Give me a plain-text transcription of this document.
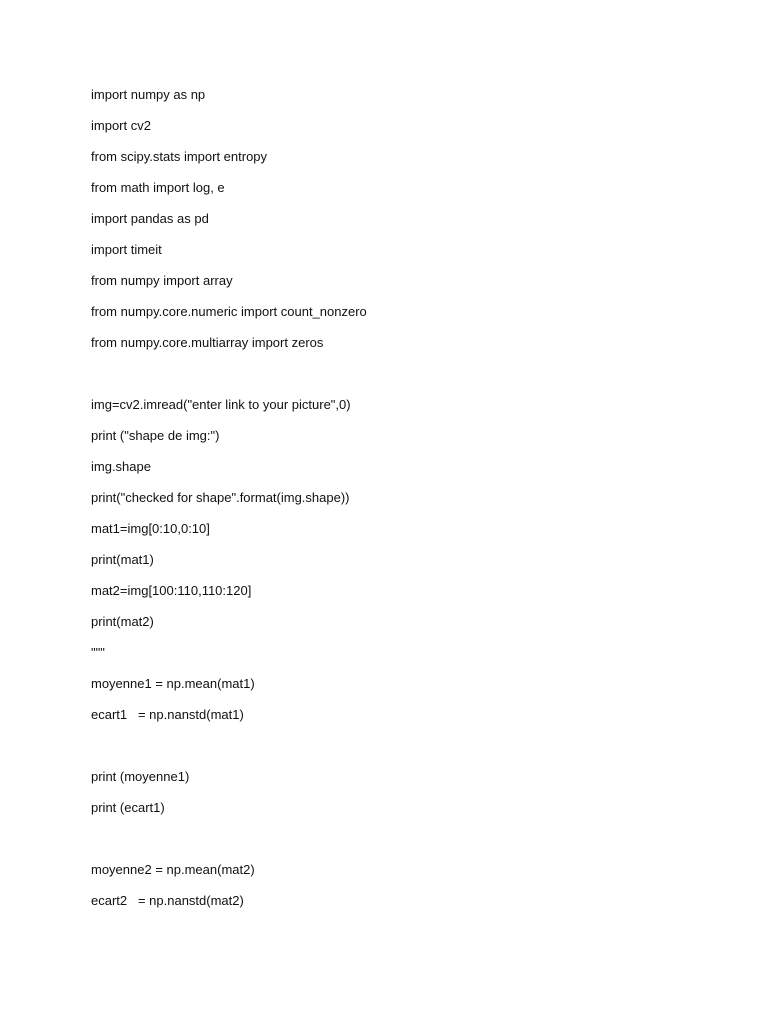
import numpy as np
import cv2
from scipy.stats import entropy
from math import log, e
import pandas as pd
import timeit
from numpy import array
from numpy.core.numeric import count_nonzero
from numpy.core.multiarray import zeros
img=cv2.imread("enter link to your picture",0)
print ("shape de img:")
img.shape
print("checked for shape".format(img.shape))
mat1=img[0:10,0:10]
print(mat1)
mat2=img[100:110,110:120]
print(mat2)
"""
moyenne1 = np.mean(mat1)
ecart1   = np.nanstd(mat1)
print (moyenne1)
print (ecart1)
moyenne2 = np.mean(mat2)
ecart2   = np.nanstd(mat2)
